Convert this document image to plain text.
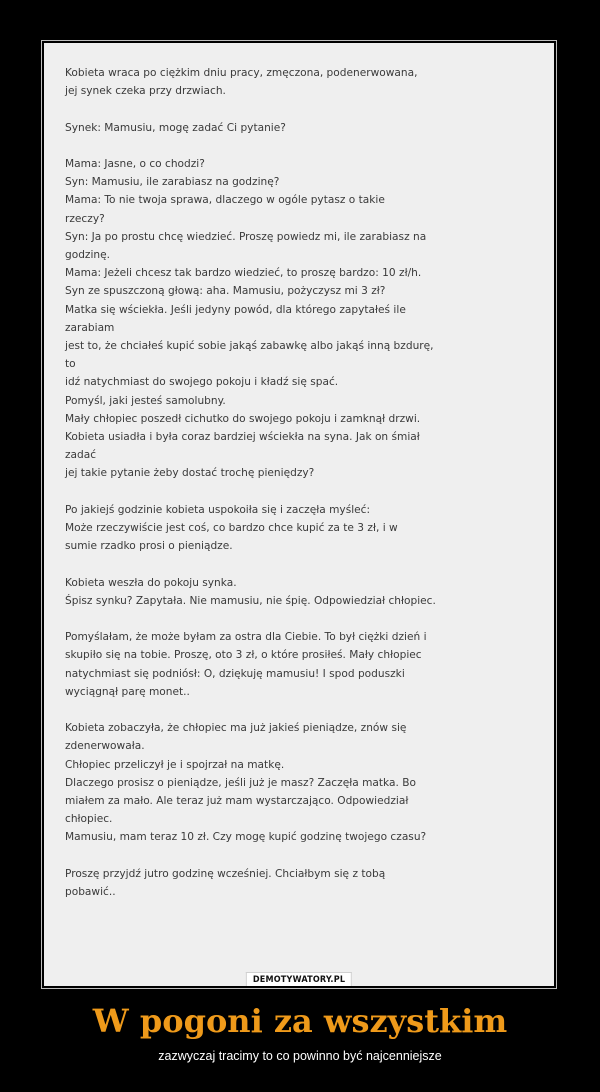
Kobieta wraca po ciężkim dniu pracy, zmęczona, podenerwowana,
jej synek czeka przy drzwiach.
Synek: Mamusiu, mogę zadać Ci pytanie?
Mama: Jasne, o co chodzi?
Syn: Mamusiu, ile zarabiasz na godzinę?
Mama: To nie twoja sprawa, dlaczego w ogóle pytasz o takie
rzeczy?
Syn: Ja po prostu chcę wiedzieć. Proszę powiedz mi, ile zarabiasz na
godzinę.
Mama: Jeżeli chcesz tak bardzo wiedzieć, to proszę bardzo: 10 zł/h.
Syn ze spuszczoną głową: aha. Mamusiu, pożyczysz mi 3 zł?
Matka się wściekła. Jeśli jedyny powód, dla którego zapytałeś ile
zarabiam
jest to, że chciałeś kupić sobie jakąś zabawkę albo jakąś inną bzdurę,
to
idź natychmiast do swojego pokoju i kładź się spać.
Pomyśl, jaki jesteś samolubny.
Mały chłopiec poszedł cichutko do swojego pokoju i zamknął drzwi.
Kobieta usiadła i była coraz bardziej wściekła na syna. Jak on śmiał
zadać
jej takie pytanie żeby dostać trochę pieniędzy?
Po jakiejś godzinie kobieta uspokoiła się i zaczęła myśleć:
Może rzeczywiście jest coś, co bardzo chce kupić za te 3 zł, i w
sumie rzadko prosi o pieniądze.
Kobieta weszła do pokoju synka.
Śpisz synku? Zapytała. Nie mamusiu, nie śpię. Odpowiedział chłopiec.
Pomyślałam, że może byłam za ostra dla Ciebie. To był ciężki dzień i
skupiło się na tobie. Proszę, oto 3 zł, o które prosiłeś. Mały chłopiec
natychmiast się podniósł: O, dziękuję mamusiu! I spod poduszki
wyciągnął parę monet..
Kobieta zobaczyła, że chłopiec ma już jakieś pieniądze, znów się
zdenerwowała.
Chłopiec przeliczył je i spojrzał na matkę.
Dlaczego prosisz o pieniądze, jeśli już je masz? Zaczęła matka. Bo
miałem za mało. Ale teraz już mam wystarczająco. Odpowiedział
chłopiec.
Mamusiu, mam teraz 10 zł. Czy mogę kupić godzinę twojego czasu?
Proszę przyjdź jutro godzinę wcześniej. Chciałbym się z tobą
pobawić..
DEMOTYWATORY.PL
W pogoni za wszystkim

zazwyczaj tracimy to co powinno być najcenniejsze
